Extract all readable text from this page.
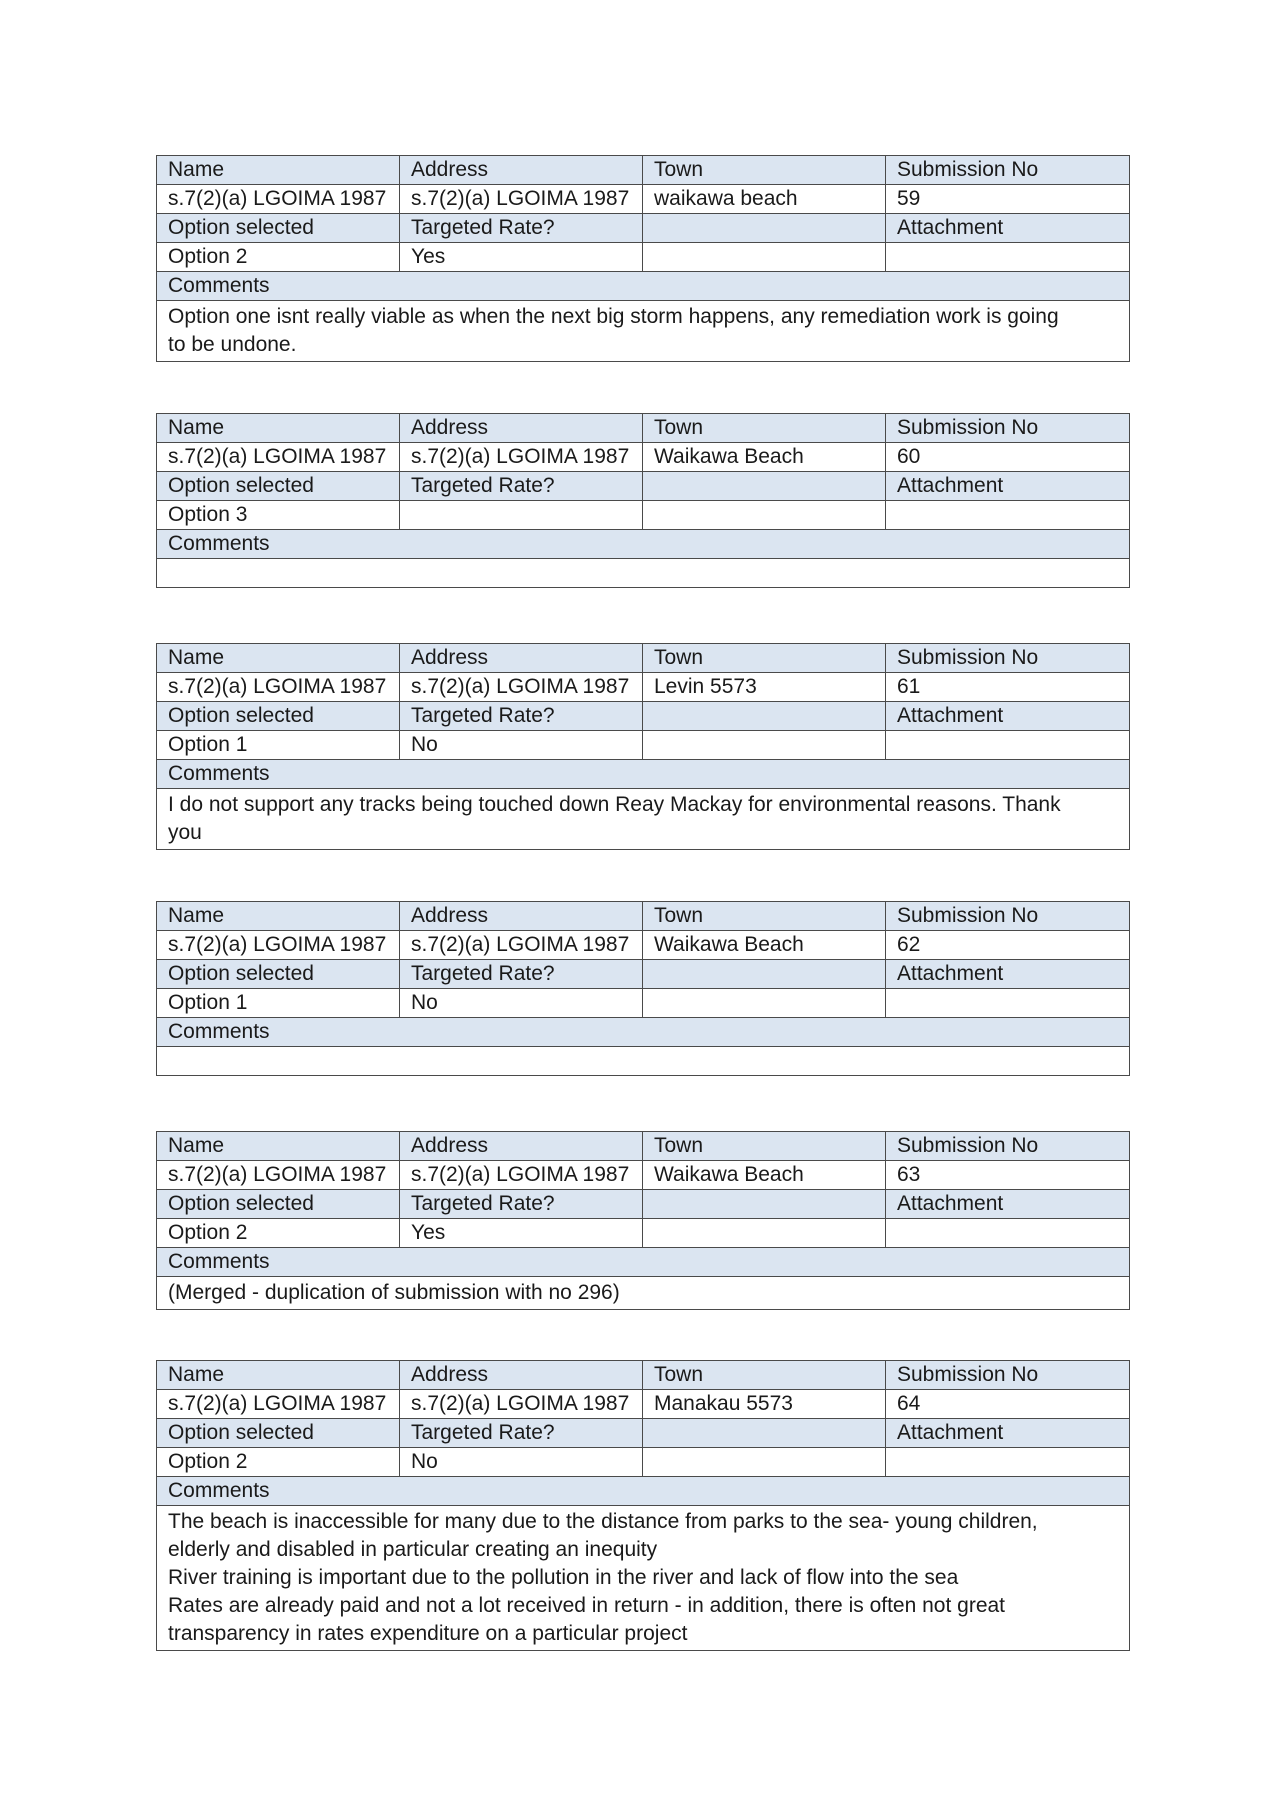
Name	Address	Town	Submission No
s.7(2)(a) LGOIMA 1987	s.7(2)(a) LGOIMA 1987	waikawa beach	59
Option selected	Targeted Rate?		Attachment
Option 2	Yes		
Comments			

Option one isnt really viable as when the next big storm happens, any remediation work is going
to be undone.			
Name	Address	Town	Submission No
s.7(2)(a) LGOIMA 1987	s.7(2)(a) LGOIMA 1987	Waikawa Beach	60
Option selected	Targeted Rate?		Attachment
Option 3			
Comments			

Name	Address	Town	Submission No
s.7(2)(a) LGOIMA 1987	s.7(2)(a) LGOIMA 1987	Levin 5573	61
Option selected	Targeted Rate?		Attachment
Option 1	No		
Comments			

I do not support any tracks being touched down Reay Mackay for environmental reasons. Thank
you			
Name	Address	Town	Submission No
s.7(2)(a) LGOIMA 1987	s.7(2)(a) LGOIMA 1987	Waikawa Beach	62
Option selected	Targeted Rate?		Attachment
Option 1	No		
Comments			

Name	Address	Town	Submission No
s.7(2)(a) LGOIMA 1987	s.7(2)(a) LGOIMA 1987	Waikawa Beach	63
Option selected	Targeted Rate?		Attachment
Option 2	Yes		
Comments			

(Merged - duplication of submission with no 296)			
Name	Address	Town	Submission No
s.7(2)(a) LGOIMA 1987	s.7(2)(a) LGOIMA 1987	Manakau 5573	64
Option selected	Targeted Rate?		Attachment
Option 2	No		
Comments			

The beach is inaccessible for many due to the distance from parks to the sea- young children,
elderly and disabled in particular creating an inequity
River training is important due to the pollution in the river and lack of flow into the sea
Rates are already paid and not a lot received in return - in addition, there is often not great
transparency in rates expenditure on a particular project			
